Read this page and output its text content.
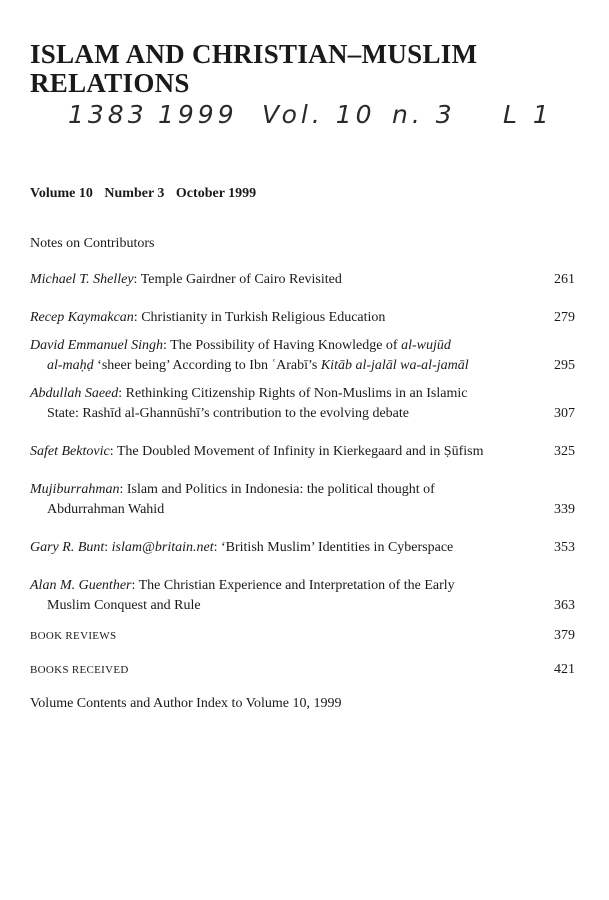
ISLAM AND CHRISTIAN–MUSLIM
RELATIONS
1383 1999 Vol. 10 n. 3 L 1
Volume 10 Number 3 October 1999
Notes on Contributors
Michael T. Shelley: Temple Gairdner of Cairo Revisited	261
Recep Kaymakcan: Christianity in Turkish Religious Education	279
David Emmanuel Singh: The Possibility of Having Knowledge of al-wujūd
al-maḥḍ ‘sheer being’ According to Ibn ʿArabī’s Kitāb al-jalāl wa-al-jamāl	295
Abdullah Saeed: Rethinking Citizenship Rights of Non-Muslims in an Islamic
State: Rashīd al-Ghannūshī’s contribution to the evolving debate	307
Safet Bektovic: The Doubled Movement of Infinity in Kierkegaard and in Ṣūfism	325
Mujiburrahman: Islam and Politics in Indonesia: the political thought of
Abdurrahman Wahid	339
Gary R. Bunt: islam@britain.net: ‘British Muslim’ Identities in Cyberspace	353
Alan M. Guenther: The Christian Experience and Interpretation of the Early
Muslim Conquest and Rule	363
BOOK REVIEWS	379
BOOKS RECEIVED	421
Volume Contents and Author Index to Volume 10, 1999
